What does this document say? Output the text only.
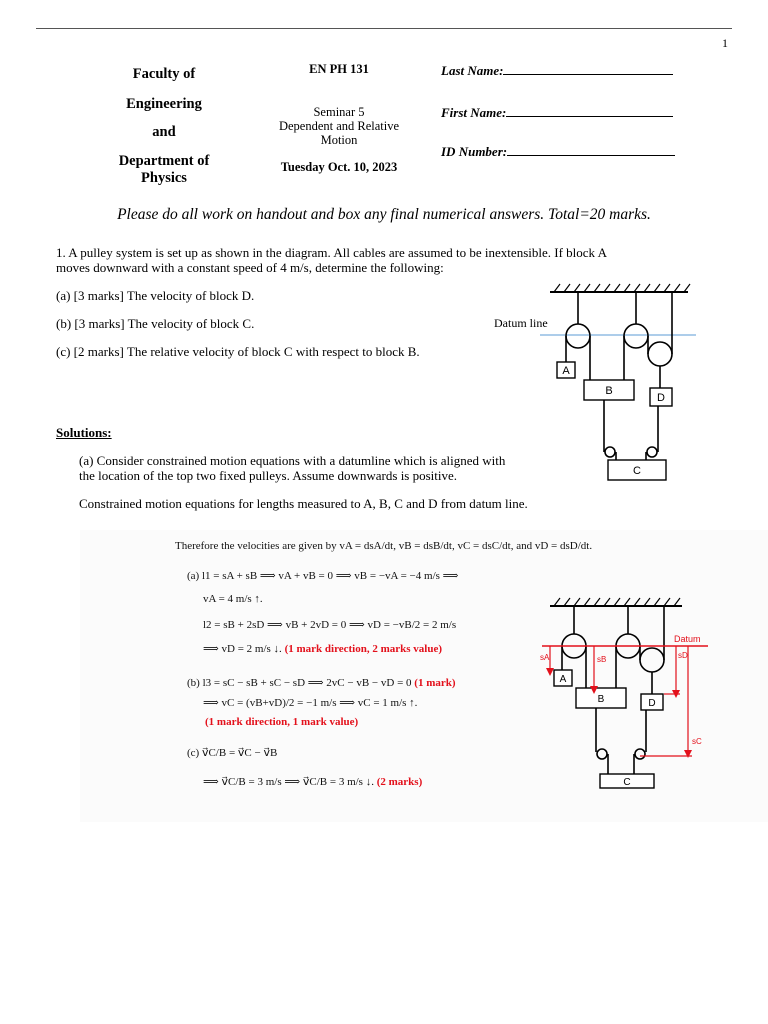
1
Faculty of
Engineering
and
Department of
Physics
EN PH 131
Seminar 5
Dependent and Relative
Motion
Tuesday Oct. 10, 2023
Last Name:
First Name:
ID Number:
Please do all work on handout and box any final numerical answers. Total=20 marks.
1. A pulley system is set up as shown in the diagram. All cables are assumed to be inextensible. If block A
moves downward with a constant speed of 4 m/s, determine the following:
(a) [3 marks] The velocity of block D.
(b) [3 marks] The velocity of block C.
(c) [2 marks] The relative velocity of block C with respect to block B.
Datum line
A
B
C
D
Solutions:
(a) Consider constrained motion equations with a datumline which is aligned with
the location of the top two fixed pulleys. Assume downwards is positive.
Constrained motion equations for lengths measured to A, B, C and D from datum line.
Therefore the velocities are given by vA = dsA/dt, vB = dsB/dt, vC = dsC/dt, and vD = dsD/dt.
(a) l1 = sA + sB ⟹ vA + vB = 0 ⟹ vB = −vA = −4 m/s ⟹
vA = 4 m/s ↑.
l2 = sB + 2sD ⟹ vB + 2vD = 0 ⟹ vD = −vB/2 = 2 m/s
⟹ vD = 2 m/s ↓. (1 mark direction, 2 marks value)
(b) l3 = sC − sB + sC − sD ⟹ 2vC − vB − vD = 0 (1 mark)
⟹ vC = (vB+vD)/2 = −1 m/s ⟹ vC = 1 m/s ↑.
(1 mark direction, 1 mark value)
(c) v⃗C/B = v⃗C − v⃗B
⟹ v⃗C/B = 3 m/s ⟹ v⃗C/B = 3 m/s ↓. (2 marks)
A
B
C
D
Datum
sA	sB	sD
sC
